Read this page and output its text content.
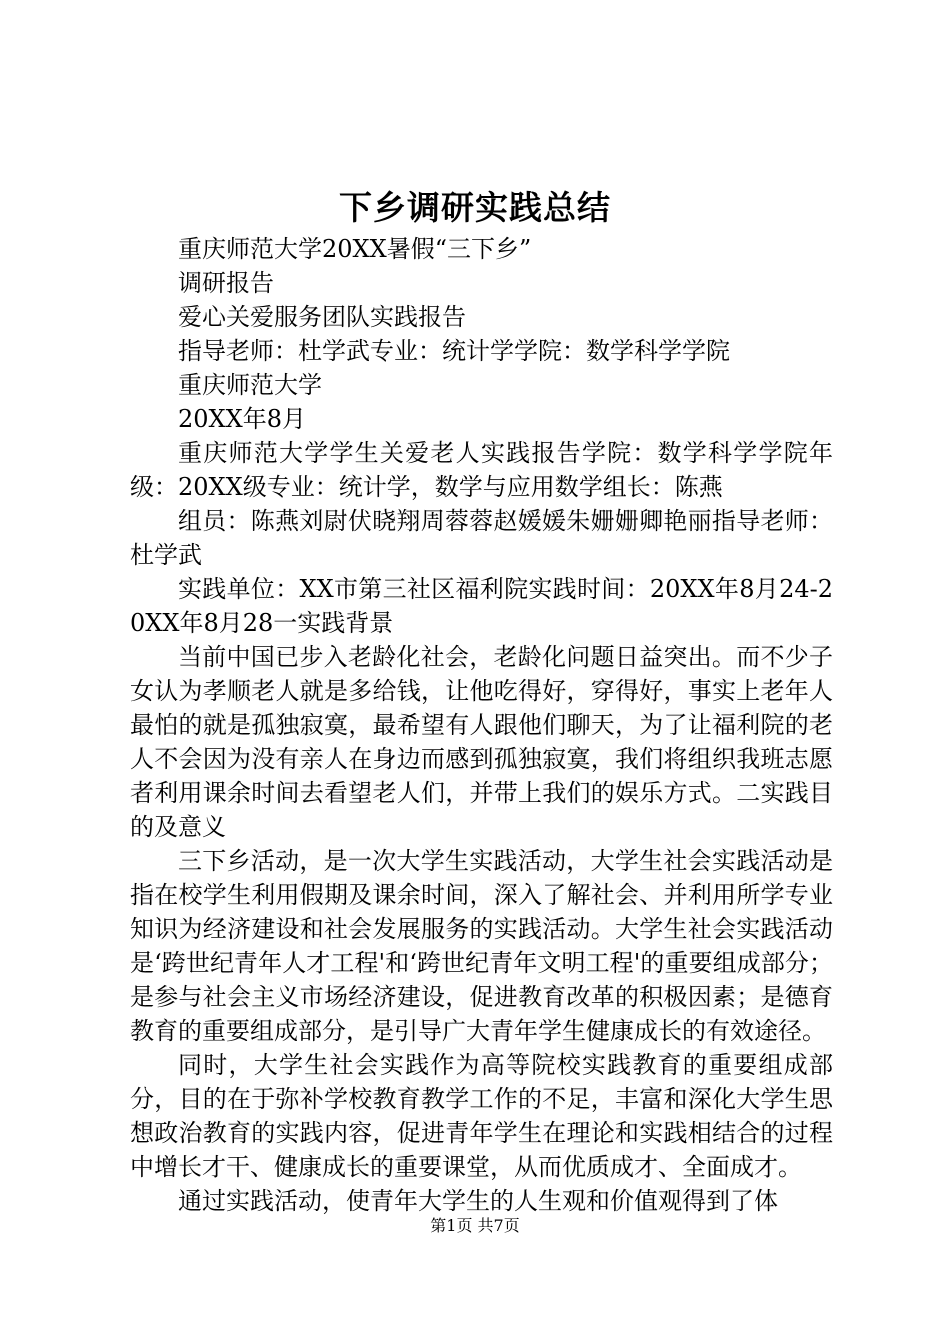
下乡调研实践总结

重庆师范大学20XX暑假“三下乡”

调研报告

爱心关爱服务团队实践报告

指导老师：杜学武专业：统计学学院：数学科学学院

重庆师范大学

20XX年8月

重庆师范大学学生关爱老人实践报告学院：数学科学学院年级：20XX级专业：统计学，数学与应用数学组长：陈燕

组员：陈燕刘尉伏晓翔周蓉蓉赵媛媛朱姗姗卿艳丽指导老师：杜学武

实践单位：XX市第三社区福利院实践时间：20XX年8月24-20XX年8月28一实践背景

当前中国已步入老龄化社会，老龄化问题日益突出。而不少子女认为孝顺老人就是多给钱，让他吃得好，穿得好，事实上老年人最怕的就是孤独寂寞，最希望有人跟他们聊天，为了让福利院的老人不会因为没有亲人在身边而感到孤独寂寞，我们将组织我班志愿者利用课余时间去看望老人们，并带上我们的娱乐方式。二实践目的及意义

三下乡活动，是一次大学生实践活动，大学生社会实践活动是指在校学生利用假期及课余时间，深入了解社会、并利用所学专业知识为经济建设和社会发展服务的实践活动。大学生社会实践活动是‘跨世纪青年人才工程'和‘跨世纪青年文明工程'的重要组成部分；是参与社会主义市场经济建设，促进教育改革的积极因素；是德育教育的重要组成部分，是引导广大青年学生健康成长的有效途径。

同时，大学生社会实践作为高等院校实践教育的重要组成部分，目的在于弥补学校教育教学工作的不足，丰富和深化大学生思想政治教育的实践内容，促进青年学生在理论和实践相结合的过程中增长才干、健康成长的重要课堂，从而优质成才、全面成才。

通过实践活动，使青年大学生的人生观和价值观得到了体

第1页 共7页
